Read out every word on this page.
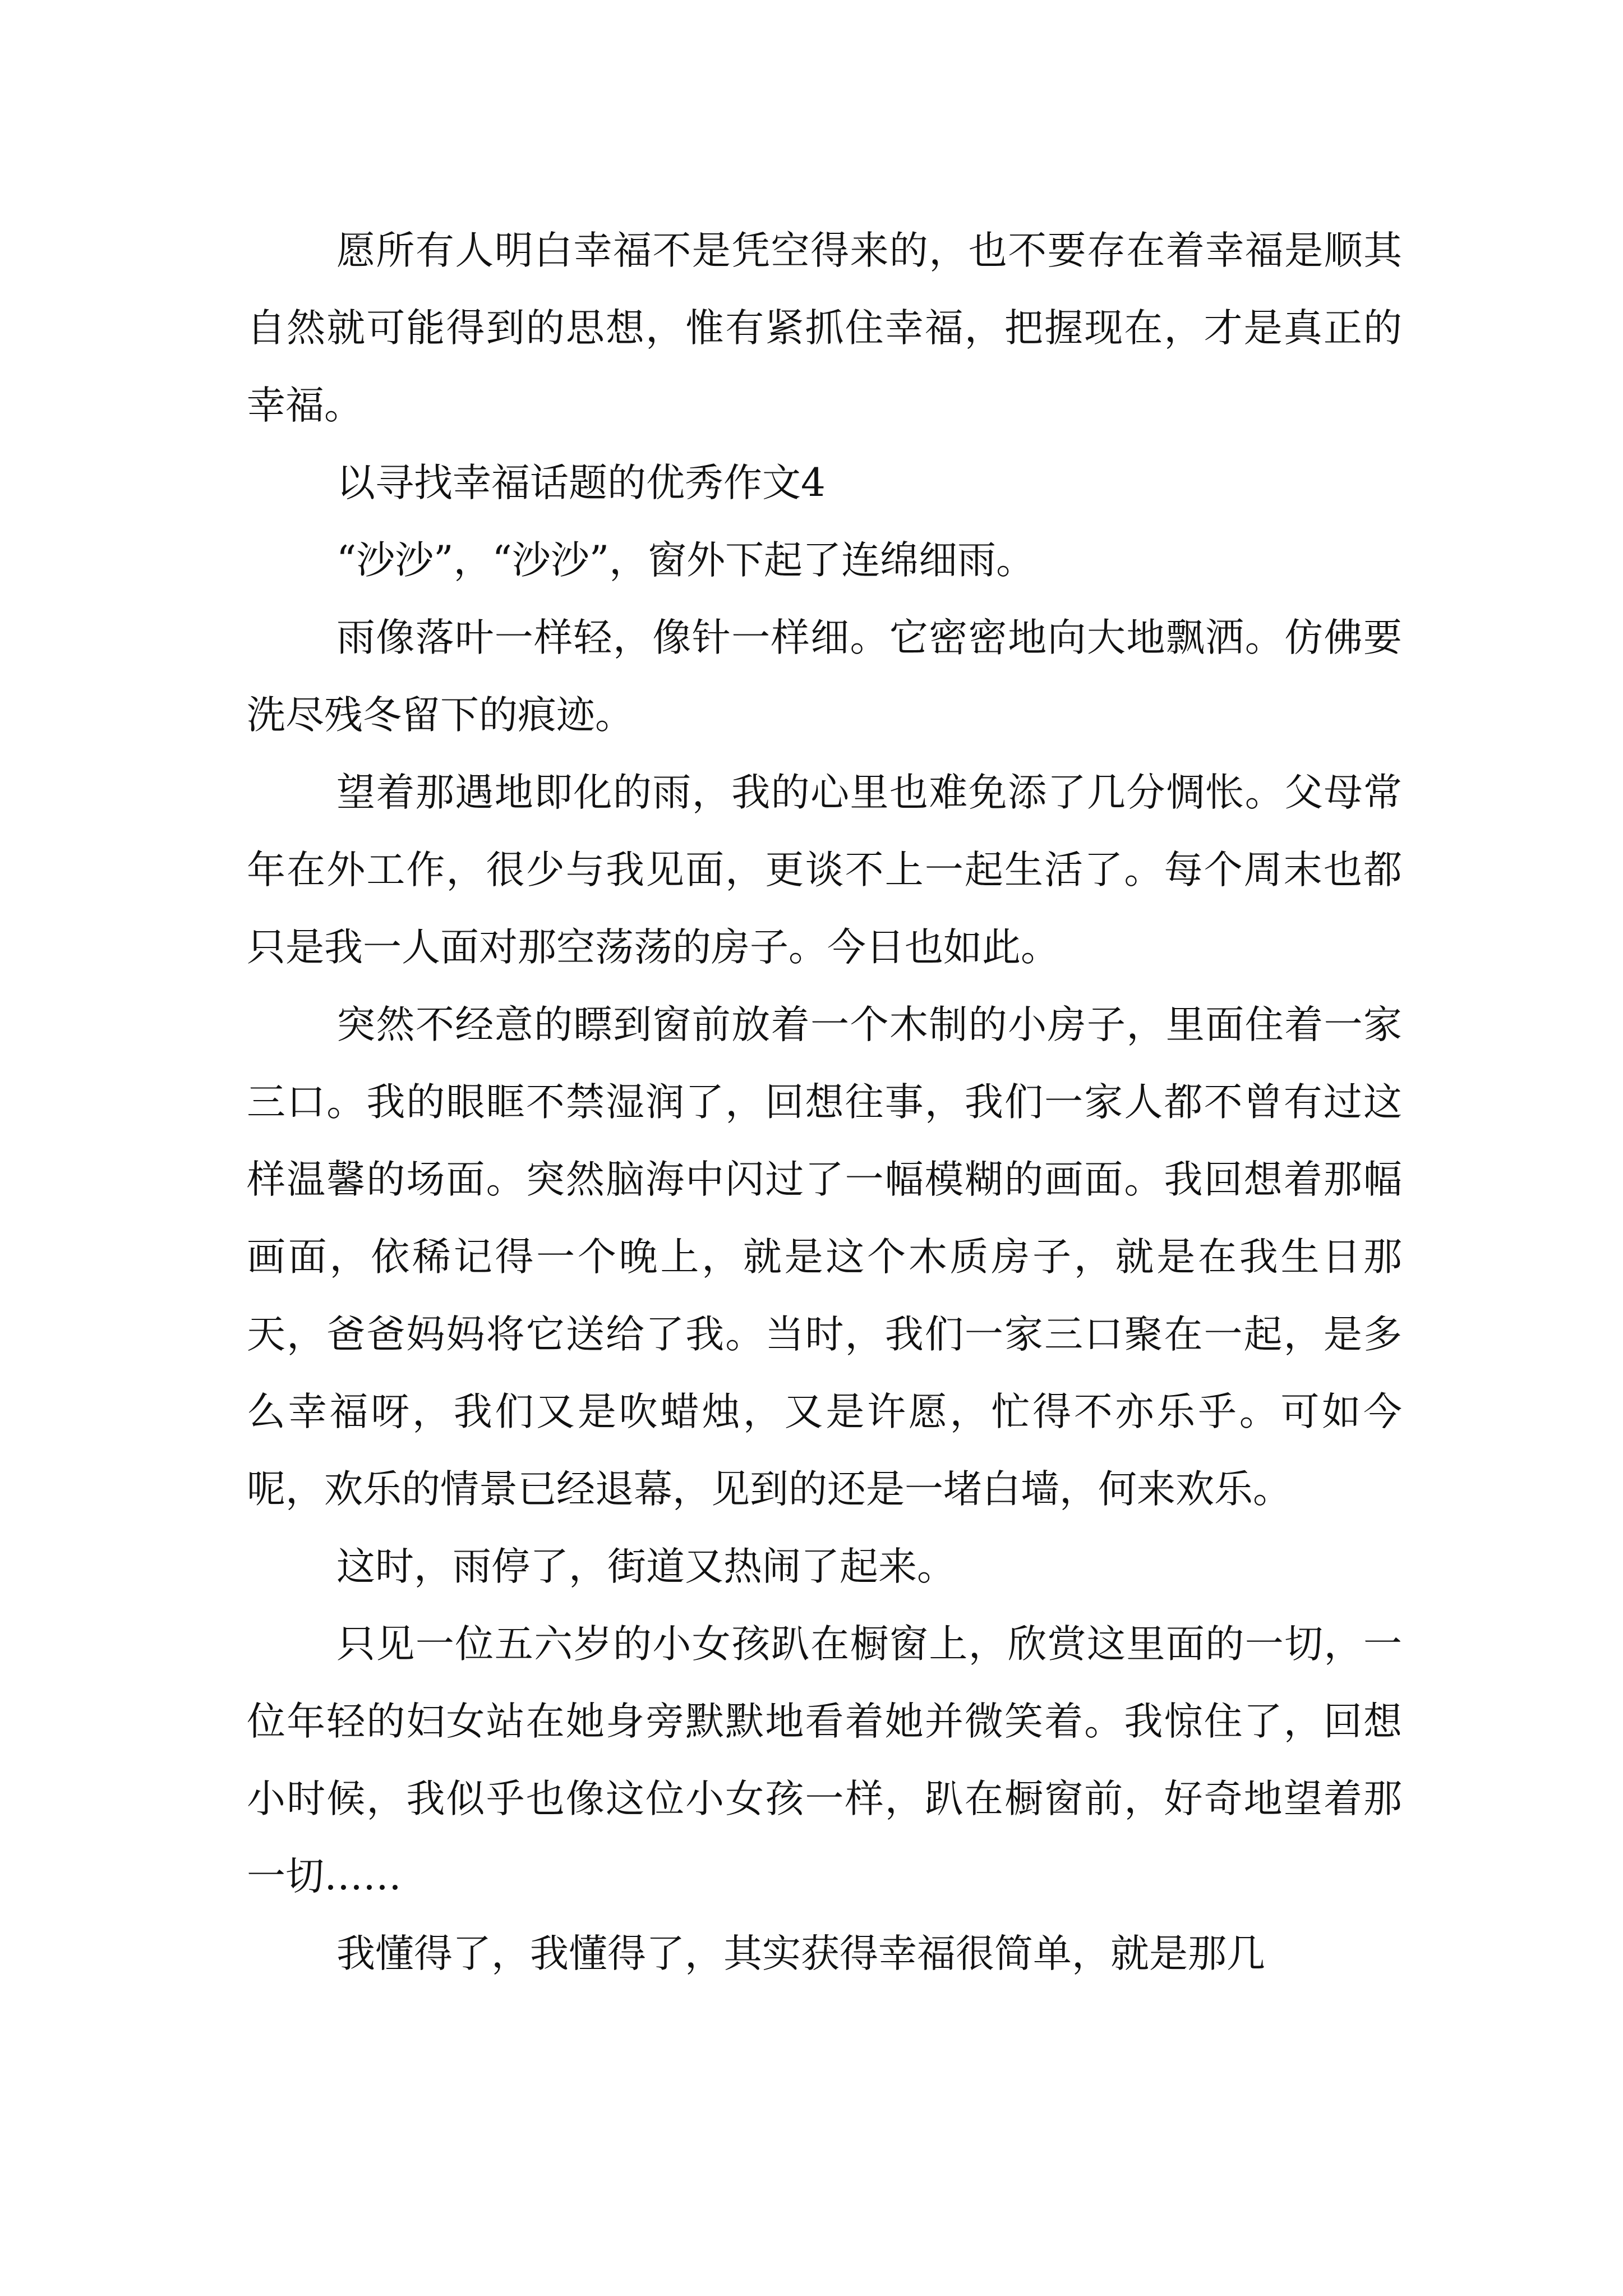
愿所有人明白幸福不是凭空得来的，也不要存在着幸福是顺其自然就可能得到的思想，惟有紧抓住幸福，把握现在，才是真正的幸福。

以寻找幸福话题的优秀作文4

“沙沙”，“沙沙”，窗外下起了连绵细雨。

雨像落叶一样轻，像针一样细。它密密地向大地飘洒。仿佛要洗尽残冬留下的痕迹。

望着那遇地即化的雨，我的心里也难免添了几分惆怅。父母常年在外工作，很少与我见面，更谈不上一起生活了。每个周末也都只是我一人面对那空荡荡的房子。今日也如此。

突然不经意的瞟到窗前放着一个木制的小房子，里面住着一家三口。我的眼眶不禁湿润了，回想往事，我们一家人都不曾有过这样温馨的场面。突然脑海中闪过了一幅模糊的画面。我回想着那幅画面，依稀记得一个晚上，就是这个木质房子，就是在我生日那天，爸爸妈妈将它送给了我。当时，我们一家三口聚在一起，是多么幸福呀，我们又是吹蜡烛，又是许愿，忙得不亦乐乎。可如今呢，欢乐的情景已经退幕，见到的还是一堵白墙，何来欢乐。

这时，雨停了，街道又热闹了起来。

只见一位五六岁的小女孩趴在橱窗上，欣赏这里面的一切，一位年轻的妇女站在她身旁默默地看着她并微笑着。我惊住了，回想小时候，我似乎也像这位小女孩一样，趴在橱窗前，好奇地望着那一切……

我懂得了，我懂得了，其实获得幸福很简单，就是那几
